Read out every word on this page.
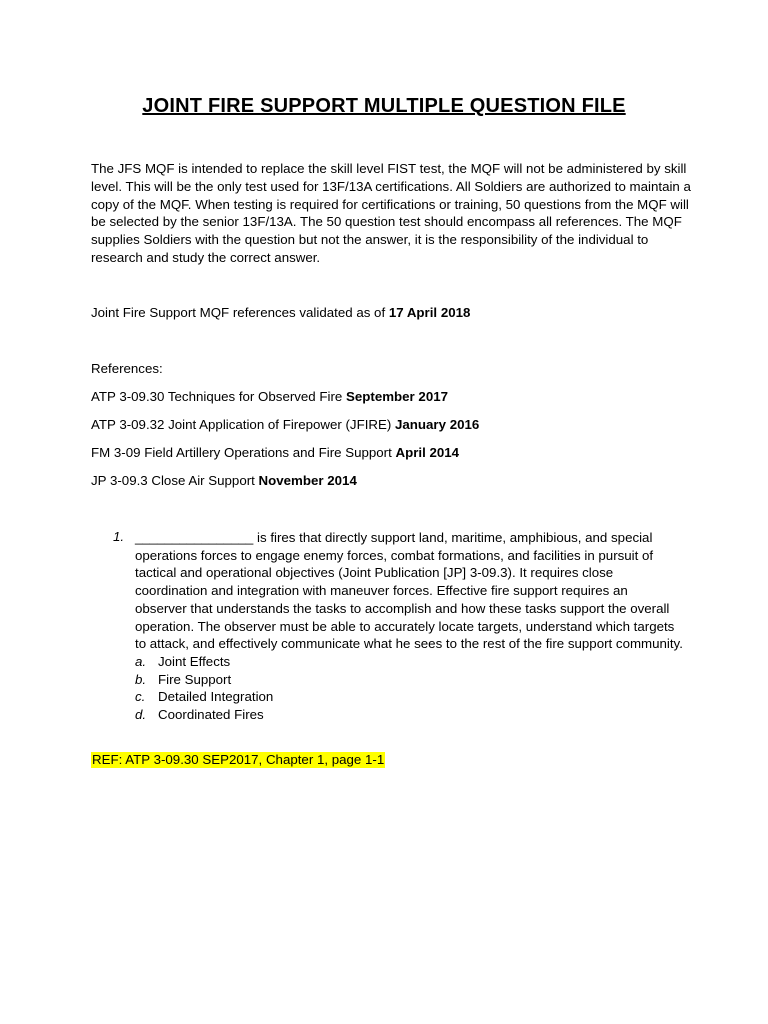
JOINT FIRE SUPPORT MULTIPLE QUESTION FILE
The JFS MQF is intended to replace the skill level FIST test, the MQF will not be administered by skill level. This will be the only test used for 13F/13A certifications. All Soldiers are authorized to maintain a copy of the MQF. When testing is required for certifications or training, 50 questions from the MQF will be selected by the senior 13F/13A. The 50 question test should encompass all references. The MQF supplies Soldiers with the question but not the answer, it is the responsibility of the individual to research and study the correct answer.
Joint Fire Support MQF references validated as of 17 April 2018
References:
ATP 3-09.30 Techniques for Observed Fire September 2017
ATP 3-09.32 Joint Application of Firepower (JFIRE) January 2016
FM 3-09 Field Artillery Operations and Fire Support April 2014
JP 3-09.3 Close Air Support November 2014
1. ________________ is fires that directly support land, maritime, amphibious, and special operations forces to engage enemy forces, combat formations, and facilities in pursuit of tactical and operational objectives (Joint Publication [JP] 3-09.3). It requires close coordination and integration with maneuver forces. Effective fire support requires an observer that understands the tasks to accomplish and how these tasks support the overall operation. The observer must be able to accurately locate targets, understand which targets to attack, and effectively communicate what he sees to the rest of the fire support community.
a. Joint Effects
b. Fire Support
c. Detailed Integration
d. Coordinated Fires
REF: ATP 3-09.30 SEP2017, Chapter 1, page 1-1
